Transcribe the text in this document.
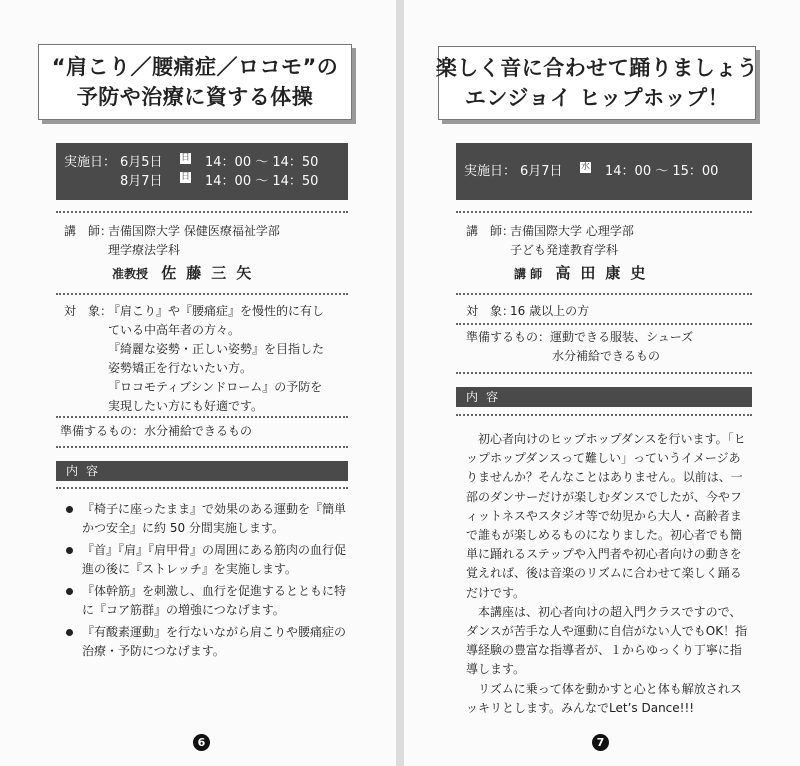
“肩こり／腰痛症／ロコモ”の
予防や治療に資する体操
実施日： 6月5日	日 14：00 〜 14：50
8月7日	日 14：00 〜 14：50
講　師：
吉備国際大学 保健医療福祉学部
理学療法学科
准教授 佐藤三矢
対　象：
『肩こり』や『腰痛症』を慢性的に有し
ている中高年者の方々。
『綺麗な姿勢・正しい姿勢』を目指した
姿勢矯正を行ないたい方。
『ロコモティブシンドローム』の予防を
実現したい方にも好適です。
準備するもの： 水分補給できるもの
内容
『椅子に座ったまま』で効果のある運動を『簡単かつ安全』に約 50 分間実施します。
『首』『肩』『肩甲骨』の周囲にある筋肉の血行促進の後に『ストレッチ』を実施します。
『体幹筋』を刺激し、血行を促進するとともに特に『コア筋群』の増強につなげます。
『有酸素運動』を行ないながら肩こりや腰痛症の治療・予防につなげます。
6
楽しく音に合わせて踊りましょう
エンジョイ ヒップホップ！
実施日： 6月7日	水 14：00 〜 15：00
講　師：
吉備国際大学 心理学部
子ども発達教育学科
講 師 高田康史
対　象：
16 歳以上の方
準備するもの： 運動できる服装、シューズ
水分補給できるもの
内容

初心者向けのヒップホップダンスを行います。「ヒップホップダンスって難しい」っていうイメージありませんか？そんなことはありません。以前は、一部のダンサーだけが楽しむダンスでしたが、今やフィットネスやスタジオ等で幼児から大人・高齢者まで誰もが楽しめるものになりました。初心者でも簡単に踊れるステップや入門者や初心者向けの動きを覚えれば、後は音楽のリズムに合わせて楽しく踊るだけです。

本講座は、初心者向けの超入門クラスですので、ダンスが苦手な人や運動に自信がない人でもOK！指導経験の豊富な指導者が、１からゆっくり丁寧に指導します。

リズムに乗って体を動かすと心と体も解放されスッキリとします。みんなでLet’s Dance!!!

7
